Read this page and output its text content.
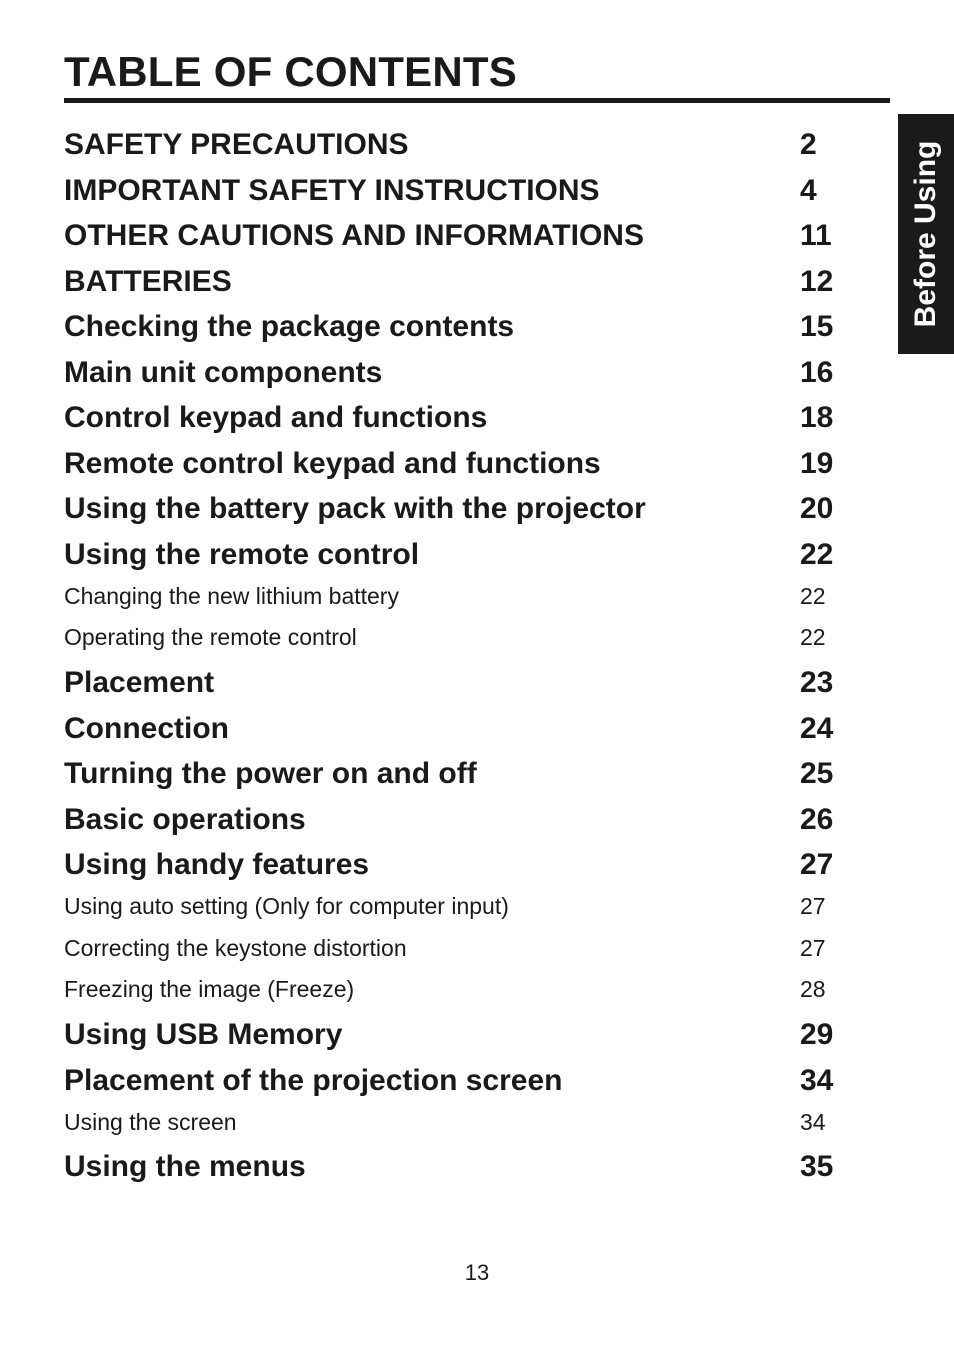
TABLE OF CONTENTS
Before Using
SAFETY PRECAUTIONS	2
IMPORTANT SAFETY INSTRUCTIONS	4
OTHER CAUTIONS AND INFORMATIONS	11
BATTERIES	12
Checking the package contents	15
Main unit components	16
Control keypad and functions	18
Remote control keypad and functions	19
Using the battery pack with the projector	20
Using the remote control	22
Changing the new lithium battery	22
Operating the remote control	22
Placement	23
Connection	24
Turning the power on and off	25
Basic operations	26
Using handy features	27
Using auto setting (Only for computer input)	27
Correcting the keystone distortion	27
Freezing the image (Freeze)	28
Using USB Memory	29
Placement of the projection screen	34
Using the screen	34
Using the menus	35
13
